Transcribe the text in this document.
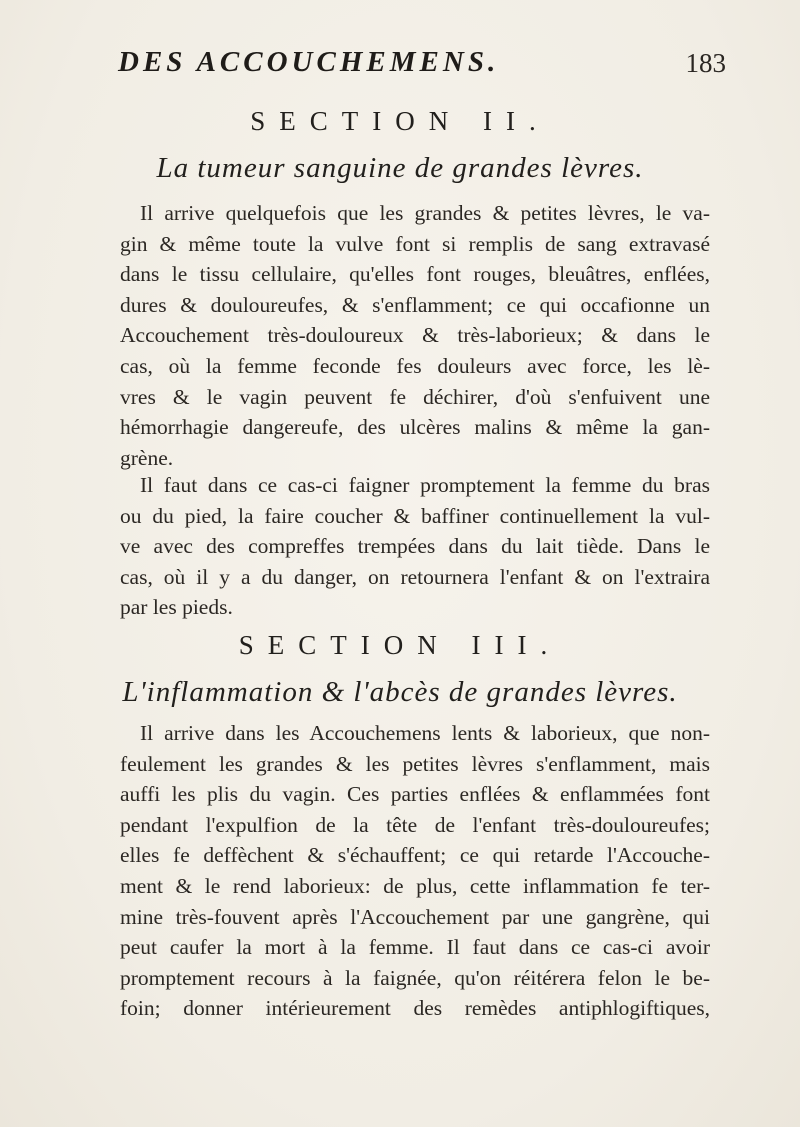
DES ACCOUCHEMENS.	183
SECTION II.
La tumeur sanguine de grandes lèvres.
Il arrive quelquefois que les grandes & petites lèvres, le va-
gin & même toute la vulve font si remplis de sang extravasé
dans le tissu cellulaire, qu'elles font rouges, bleuâtres, enflées,
dures & douloureufes, & s'enflamment; ce qui occafionne un
Accouchement très-douloureux & très-laborieux; & dans le
cas, où la femme feconde fes douleurs avec force, les lè-
vres & le vagin peuvent fe déchirer, d'où s'enfuivent une
hémorrhagie dangereufe, des ulcères malins & même la gan-
grène.
Il faut dans ce cas-ci faigner promptement la femme du bras
ou du pied, la faire coucher & baffiner continuellement la vul-
ve avec des compreffes trempées dans du lait tiède. Dans le
cas, où il y a du danger, on retournera l'enfant & on l'extraira
par les pieds.
SECTION III.
L'inflammation & l'abcès de grandes lèvres.
Il arrive dans les Accouchemens lents & laborieux, que non-
feulement les grandes & les petites lèvres s'enflamment, mais
auffi les plis du vagin. Ces parties enflées & enflammées font
pendant l'expulfion de la tête de l'enfant très-douloureufes;
elles fe deffèchent & s'échauffent; ce qui retarde l'Accouche-
ment & le rend laborieux: de plus, cette inflammation fe ter-
mine très-fouvent après l'Accouchement par une gangrène, qui
peut caufer la mort à la femme. Il faut dans ce cas-ci avoir
promptement recours à la faignée, qu'on réitérera felon le be-
foin; donner intérieurement des remèdes antiphlogiftiques,
